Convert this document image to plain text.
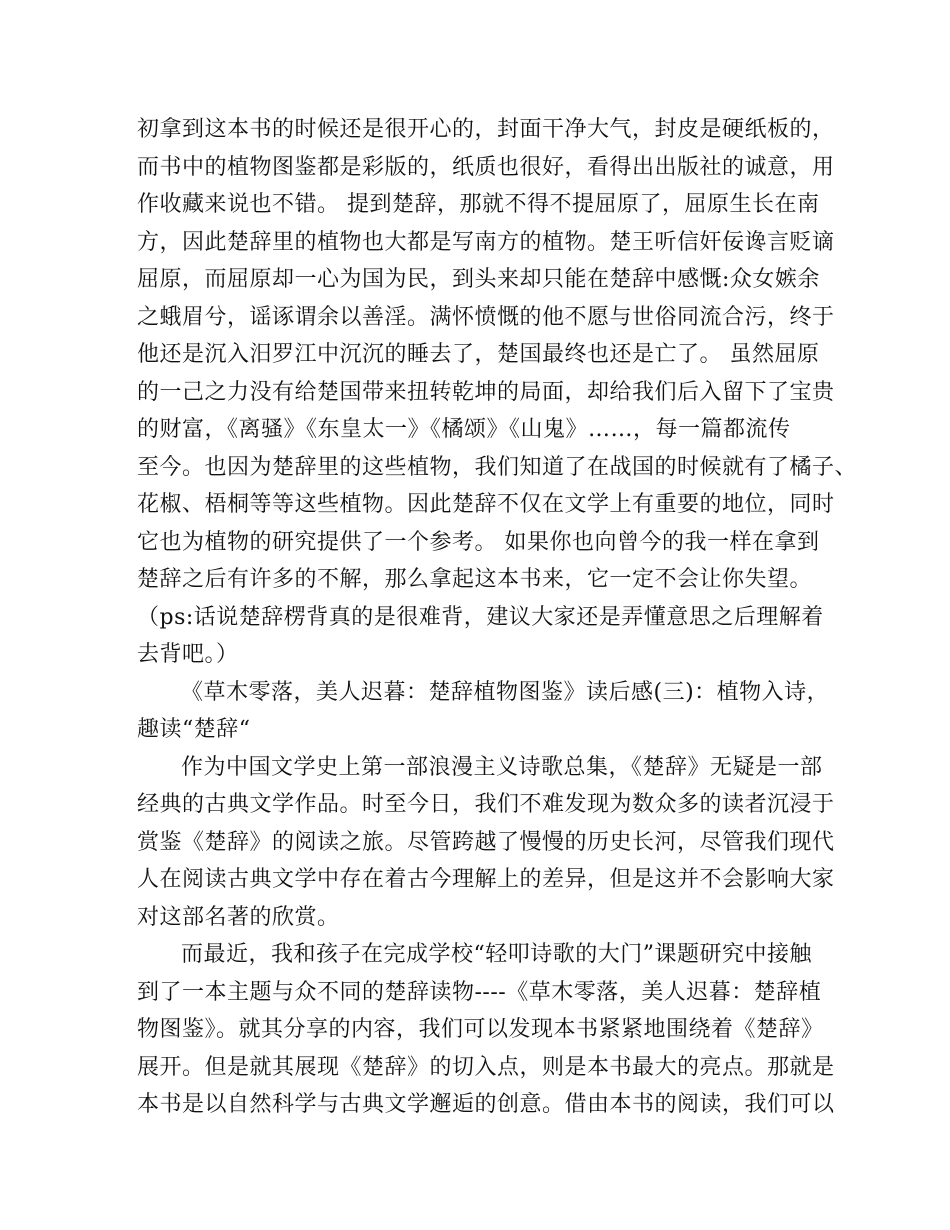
初拿到这本书的时候还是很开心的，封面干净大气，封皮是硬纸板的，
而书中的植物图鉴都是彩版的，纸质也很好，看得出出版社的诚意，用
作收藏来说也不错。 提到楚辞，那就不得不提屈原了，屈原生长在南
方，因此楚辞里的植物也大都是写南方的植物。楚王听信奸佞谗言贬谪
屈原，而屈原却一心为国为民，到头来却只能在楚辞中感慨:众女嫉余
之蛾眉兮，谣诼谓余以善淫。满怀愤慨的他不愿与世俗同流合污，终于
他还是沉入汨罗江中沉沉的睡去了，楚国最终也还是亡了。 虽然屈原
的一己之力没有给楚国带来扭转乾坤的局面，却给我们后入留下了宝贵
的财富，《离骚》《东皇太一》《橘颂》《山鬼》……，每一篇都流传
至今。也因为楚辞里的这些植物，我们知道了在战国的时候就有了橘子、
花椒、梧桐等等这些植物。因此楚辞不仅在文学上有重要的地位，同时
它也为植物的研究提供了一个参考。 如果你也向曾今的我一样在拿到
楚辞之后有许多的不解，那么拿起这本书来，它一定不会让你失望。
（ps:话说楚辞楞背真的是很难背，建议大家还是弄懂意思之后理解着
去背吧。）
《草木零落，美人迟暮：楚辞植物图鉴》读后感(三)：植物入诗，
趣读“楚辞“
作为中国文学史上第一部浪漫主义诗歌总集，《楚辞》无疑是一部
经典的古典文学作品。时至今日，我们不难发现为数众多的读者沉浸于
赏鉴《楚辞》的阅读之旅。尽管跨越了慢慢的历史长河，尽管我们现代
人在阅读古典文学中存在着古今理解上的差异，但是这并不会影响大家
对这部名著的欣赏。
而最近，我和孩子在完成学校“轻叩诗歌的大门”课题研究中接触
到了一本主题与众不同的楚辞读物----《草木零落，美人迟暮：楚辞植
物图鉴》。就其分享的内容，我们可以发现本书紧紧地围绕着《楚辞》
展开。但是就其展现《楚辞》的切入点，则是本书最大的亮点。那就是
本书是以自然科学与古典文学邂逅的创意。借由本书的阅读，我们可以
